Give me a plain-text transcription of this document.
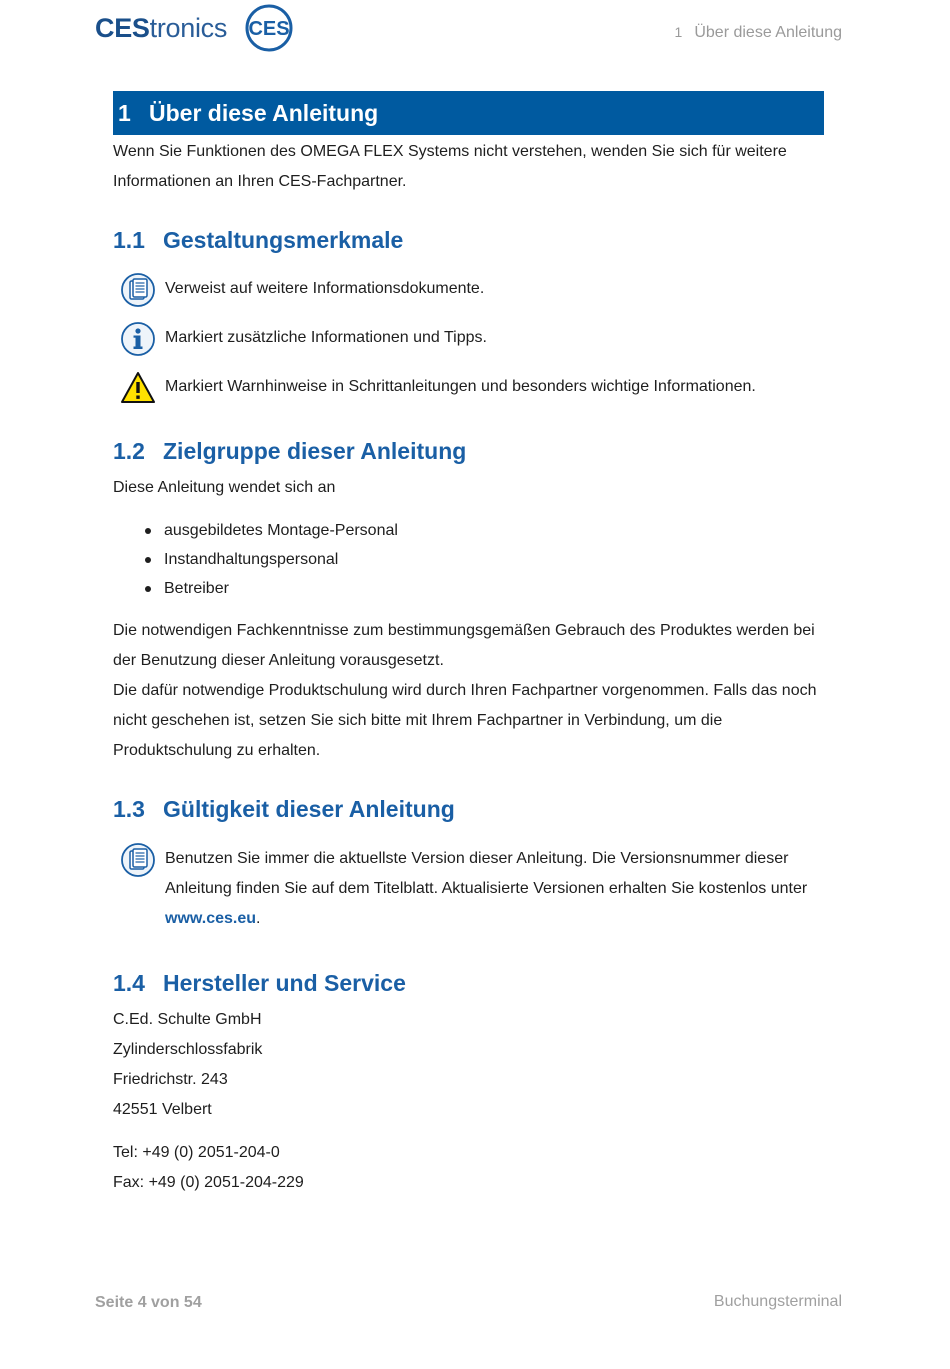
CEStronics CES	1 Über diese Anleitung
1 Über diese Anleitung
Wenn Sie Funktionen des OMEGA FLEX Systems nicht verstehen, wenden Sie sich für weitere Informationen an Ihren CES-Fachpartner.
1.1 Gestaltungsmerkmale
Verweist auf weitere Informationsdokumente.
Markiert zusätzliche Informationen und Tipps.
Markiert Warnhinweise in Schrittanleitungen und besonders wichtige Informationen.
1.2 Zielgruppe dieser Anleitung
Diese Anleitung wendet sich an
ausgebildetes Montage-Personal
Instandhaltungspersonal
Betreiber
Die notwendigen Fachkenntnisse zum bestimmungsgemäßen Gebrauch des Produktes werden bei der Benutzung dieser Anleitung vorausgesetzt.
Die dafür notwendige Produktschulung wird durch Ihren Fachpartner vorgenommen. Falls das noch nicht geschehen ist, setzen Sie sich bitte mit Ihrem Fachpartner in Verbindung, um die Produktschulung zu erhalten.
1.3 Gültigkeit dieser Anleitung
Benutzen Sie immer die aktuellste Version dieser Anleitung. Die Versionsnummer dieser Anleitung finden Sie auf dem Titelblatt. Aktualisierte Versionen erhalten Sie kostenlos unter www.ces.eu.
1.4 Hersteller und Service
C.Ed. Schulte GmbH
Zylinderschlossfabrik
Friedrichstr. 243
42551 Velbert
Tel: +49 (0) 2051-204-0
Fax: +49 (0) 2051-204-229
Seite 4 von 54	Buchungsterminal
